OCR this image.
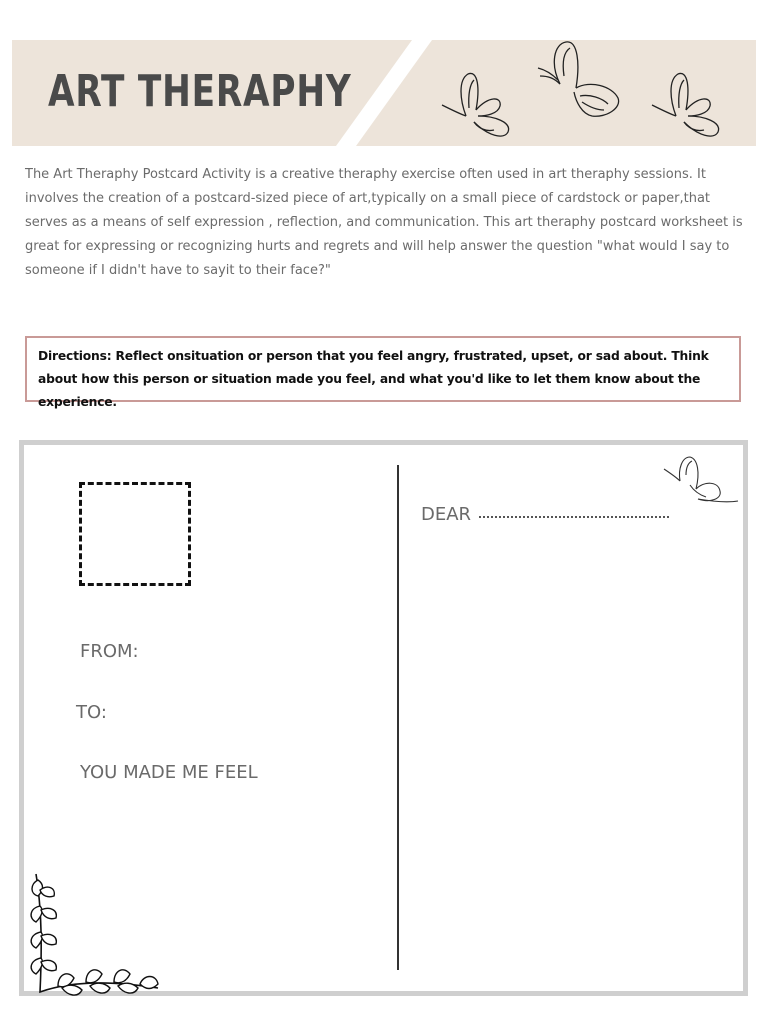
ART THERAPHY

The Art Theraphy Postcard Activity is a creative theraphy exercise often used in art theraphy sessions. It involves the creation of a postcard-sized piece of art,typically on a small piece of cardstock or paper,that serves as a means of self expression , reflection, and communication. This art theraphy postcard worksheet is great for expressing or recognizing hurts and regrets and will help answer the question "what would I say to someone if I didn't have to sayit to their face?"

Directions: Reflect onsituation or person that you feel angry, frustrated, upset, or sad about. Think about how this person or situation made you feel, and what you'd like to let them know about the experience.

FROM:
TO:
YOU MADE ME FEEL
DEAR
